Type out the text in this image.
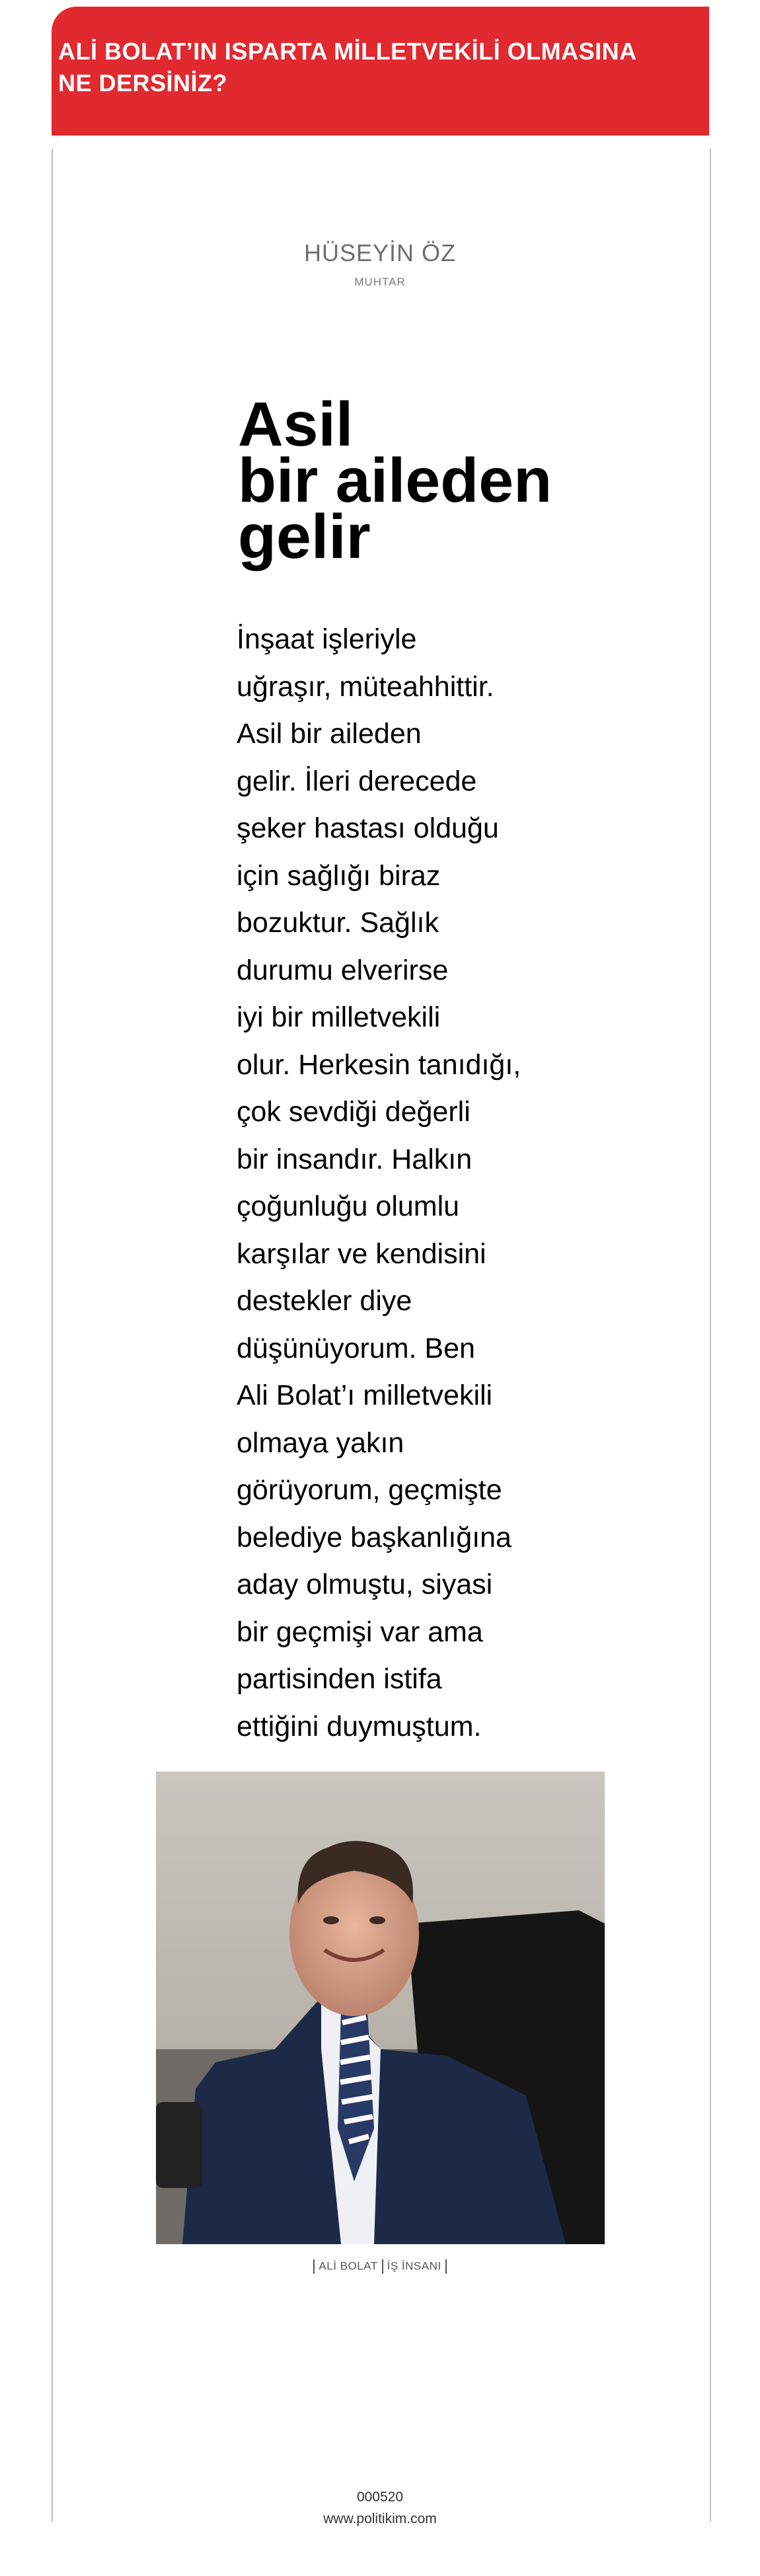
ALİ BOLAT’IN ISPARTA MİLLETVEKİLİ OLMASINA NE DERSİNİZ?
HÜSEYİN ÖZ
MUHTAR
Asil
bir aileden
gelir
İnşaat işleriyle
uğraşır, müteahhittir.
Asil bir aileden
gelir. İleri derecede
şeker hastası olduğu
için sağlığı biraz
bozuktur. Sağlık
durumu elverirse
iyi bir milletvekili
olur. Herkesin tanıdığı,
çok sevdiği değerli
bir insandır. Halkın
çoğunluğu olumlu
karşılar ve kendisini
destekler diye
düşünüyorum. Ben
Ali Bolat’ı milletvekili
olmaya yakın
görüyorum, geçmişte
belediye başkanlığına
aday olmuştu, siyasi
bir geçmişi var ama
partisinden istifa
ettiğini duymuştum.
ALİ BOLAT İŞ İNSANI
000520
www.politikim.com
